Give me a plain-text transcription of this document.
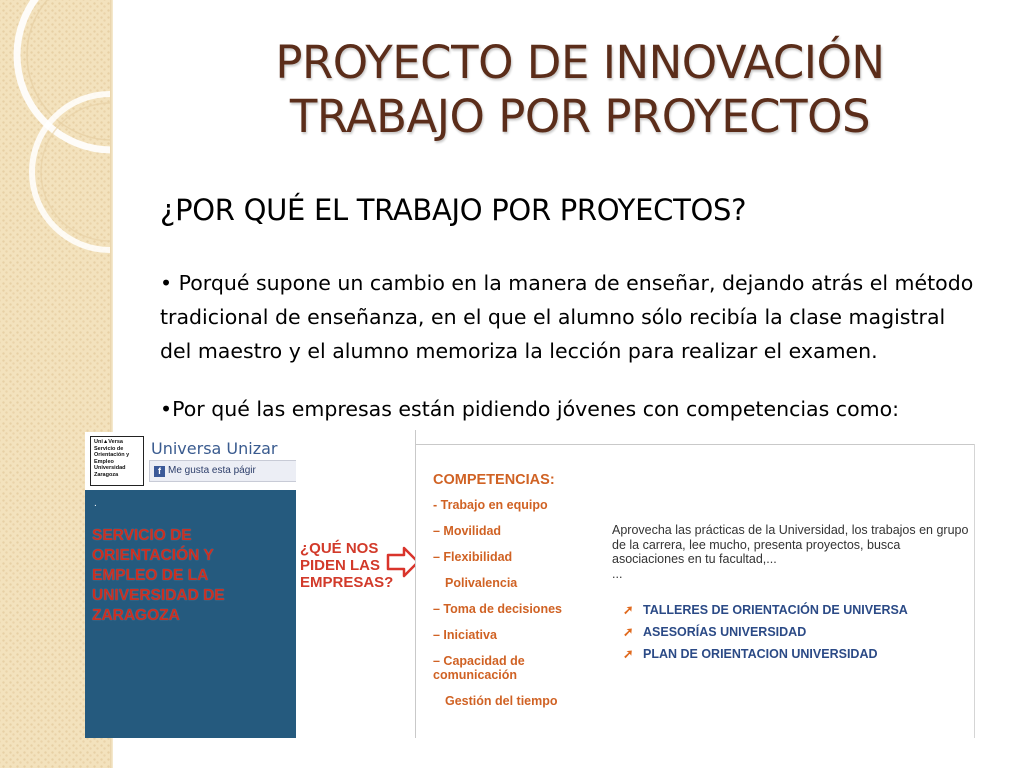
PROYECTO DE INNOVACIÓN
TRABAJO POR PROYECTOS
¿POR QUÉ EL TRABAJO POR PROYECTOS?
• Porqué supone un cambio en la manera de enseñar, dejando atrás el método tradicional de enseñanza, en el que el alumno sólo recibía la clase magistral del maestro y el alumno memoriza la lección para realizar el examen.
•Por qué las empresas están pidiendo jóvenes con competencias como:
Uni▲Versa Servicio de Orientación y Empleo Universidad Zaragoza
Universa Unizar
f Me gusta esta págir
.
SERVICIO DE
ORIENTACIÓN Y
EMPLEO DE LA
UNIVERSIDAD DE
ZARAGOZA
¿QUÉ NOS
PIDEN LAS
EMPRESAS?
COMPETENCIAS:
- Trabajo en equipo
– Movilidad
– Flexibilidad
Polivalencia
– Toma de decisiones
– Iniciativa
– Capacidad de comunicación
Gestión del tiempo
Aprovecha las prácticas de la Universidad, los trabajos en grupo de la carrera, lee mucho, presenta proyectos, busca asociaciones en tu facultad,...
...
➚ TALLERES DE ORIENTACIÓN DE UNIVERSA
➚ ASESORÍAS UNIVERSIDAD
➚ PLAN DE ORIENTACION UNIVERSIDAD
